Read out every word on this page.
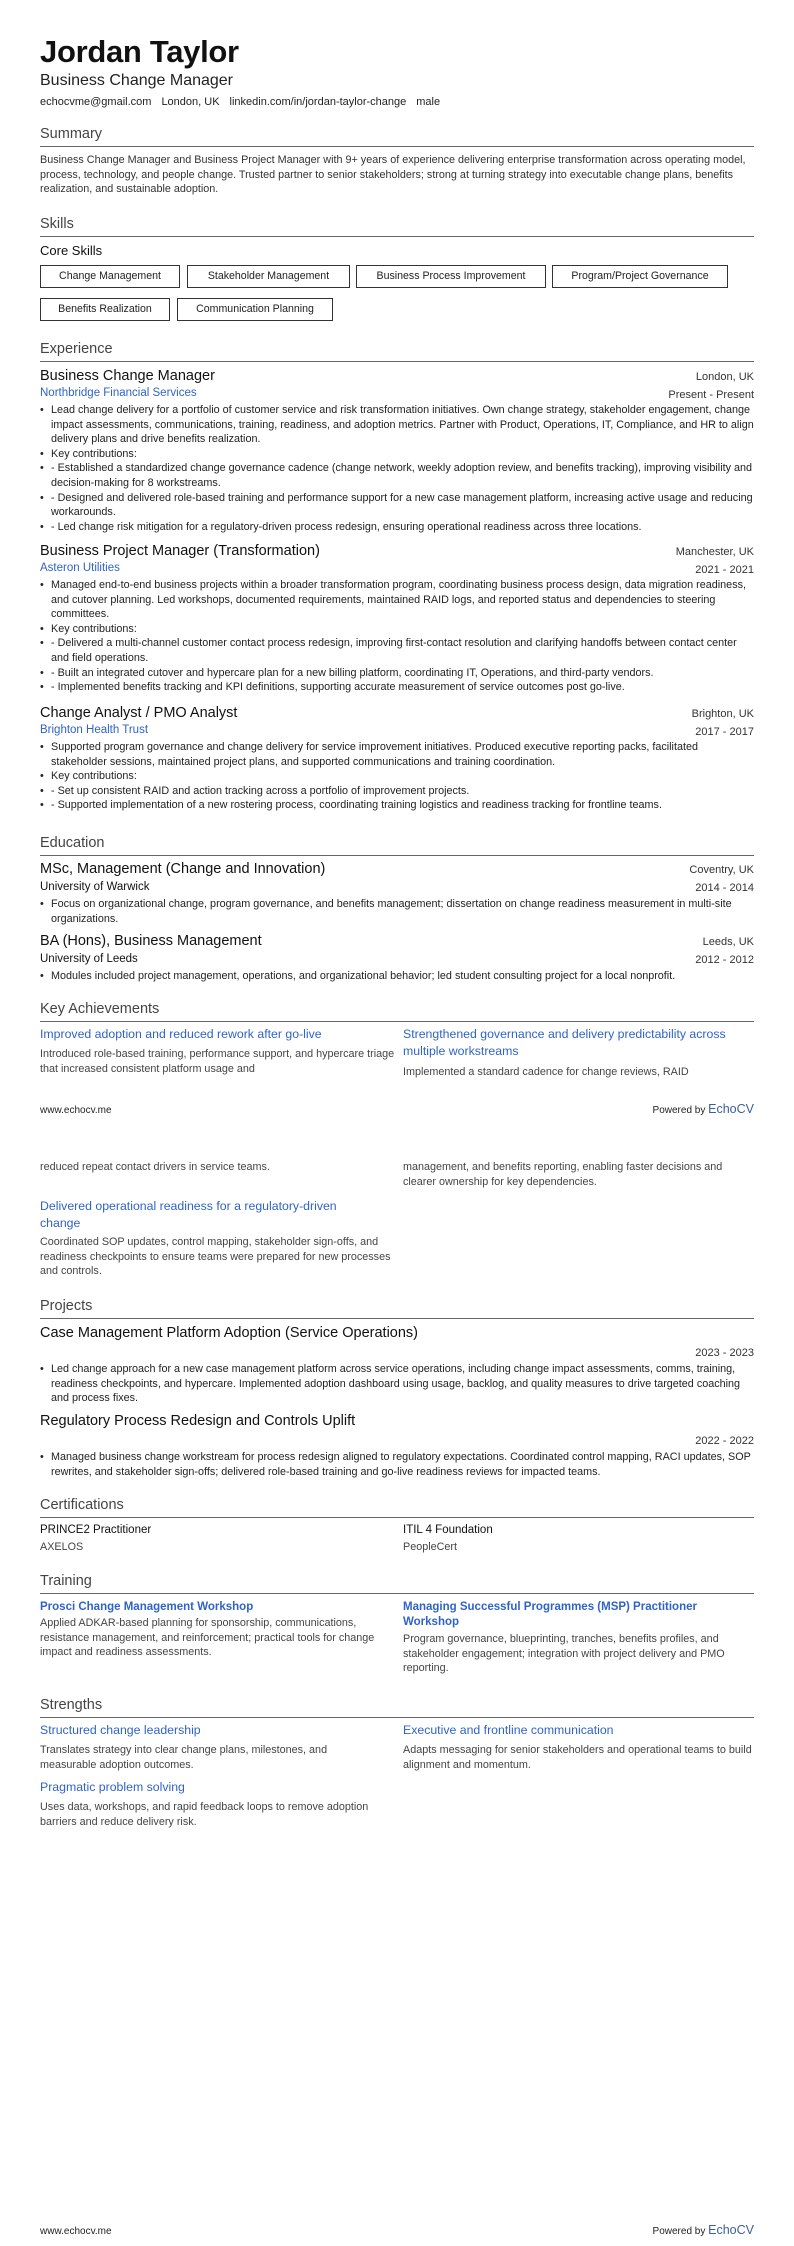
Jordan Taylor
Business Change Manager
echocvme@gmail.com London, UK linkedin.com/in/jordan-taylor-change male
Summary
Business Change Manager and Business Project Manager with 9+ years of experience delivering enterprise transformation across operating model, process, technology, and people change. Trusted partner to senior stakeholders; strong at turning strategy into executable change plans, benefits realization, and sustainable adoption.
Skills
Core Skills
Change Management	Stakeholder Management	Business Process Improvement	Program/Project Governance
Benefits Realization	Communication Planning
Experience
Business Change Manager	London, UK
Northbridge Financial Services	Present - Present
• Lead change delivery for a portfolio of customer service and risk transformation initiatives. Own change strategy, stakeholder engagement, change impact assessments, communications, training, readiness, and adoption metrics. Partner with Product, Operations, IT, Compliance, and HR to align delivery plans and drive benefits realization.
• Key contributions:
• - Established a standardized change governance cadence (change network, weekly adoption review, and benefits tracking), improving visibility and decision-making for 8 workstreams.
• - Designed and delivered role-based training and performance support for a new case management platform, increasing active usage and reducing workarounds.
• - Led change risk mitigation for a regulatory-driven process redesign, ensuring operational readiness across three locations.
Business Project Manager (Transformation)	Manchester, UK
Asteron Utilities	2021 - 2021
• Managed end-to-end business projects within a broader transformation program, coordinating business process design, data migration readiness, and cutover planning. Led workshops, documented requirements, maintained RAID logs, and reported status and dependencies to steering committees.
• Key contributions:
• - Delivered a multi-channel customer contact process redesign, improving first-contact resolution and clarifying handoffs between contact center and field operations.
• - Built an integrated cutover and hypercare plan for a new billing platform, coordinating IT, Operations, and third-party vendors.
• - Implemented benefits tracking and KPI definitions, supporting accurate measurement of service outcomes post go-live.
Change Analyst / PMO Analyst	Brighton, UK
Brighton Health Trust	2017 - 2017
• Supported program governance and change delivery for service improvement initiatives. Produced executive reporting packs, facilitated stakeholder sessions, maintained project plans, and supported communications and training coordination.
• Key contributions:
• - Set up consistent RAID and action tracking across a portfolio of improvement projects.
• - Supported implementation of a new rostering process, coordinating training logistics and readiness tracking for frontline teams.
Education
MSc, Management (Change and Innovation)	Coventry, UK
University of Warwick	2014 - 2014
• Focus on organizational change, program governance, and benefits management; dissertation on change readiness measurement in multi-site organizations.
BA (Hons), Business Management	Leeds, UK
University of Leeds	2012 - 2012
• Modules included project management, operations, and organizational behavior; led student consulting project for a local nonprofit.
Key Achievements
Improved adoption and reduced rework after go-live
Introduced role-based training, performance support, and hypercare triage that increased consistent platform usage and
Strengthened governance and delivery predictability across multiple workstreams
Implemented a standard cadence for change reviews, RAID
www.echocv.me	Powered by EchoCV
reduced repeat contact drivers in service teams.	management, and benefits reporting, enabling faster decisions and clearer ownership for key dependencies.
Delivered operational readiness for a regulatory-driven change
Coordinated SOP updates, control mapping, stakeholder sign-offs, and readiness checkpoints to ensure teams were prepared for new processes and controls.
Projects
Case Management Platform Adoption (Service Operations)
2023 - 2023
• Led change approach for a new case management platform across service operations, including change impact assessments, comms, training, readiness checkpoints, and hypercare. Implemented adoption dashboard using usage, backlog, and quality measures to drive targeted coaching and process fixes.
Regulatory Process Redesign and Controls Uplift
2022 - 2022
• Managed business change workstream for process redesign aligned to regulatory expectations. Coordinated control mapping, RACI updates, SOP rewrites, and stakeholder sign-offs; delivered role-based training and go-live readiness reviews for impacted teams.
Certifications
PRINCE2 Practitioner
AXELOS
ITIL 4 Foundation
PeopleCert
Training
Prosci Change Management Workshop
Applied ADKAR-based planning for sponsorship, communications, resistance management, and reinforcement; practical tools for change impact and readiness assessments.
Managing Successful Programmes (MSP) Practitioner Workshop
Program governance, blueprinting, tranches, benefits profiles, and stakeholder engagement; integration with project delivery and PMO reporting.
Strengths
Structured change leadership
Translates strategy into clear change plans, milestones, and measurable adoption outcomes.
Executive and frontline communication
Adapts messaging for senior stakeholders and operational teams to build alignment and momentum.
Pragmatic problem solving
Uses data, workshops, and rapid feedback loops to remove adoption barriers and reduce delivery risk.
www.echocv.me	Powered by EchoCV
